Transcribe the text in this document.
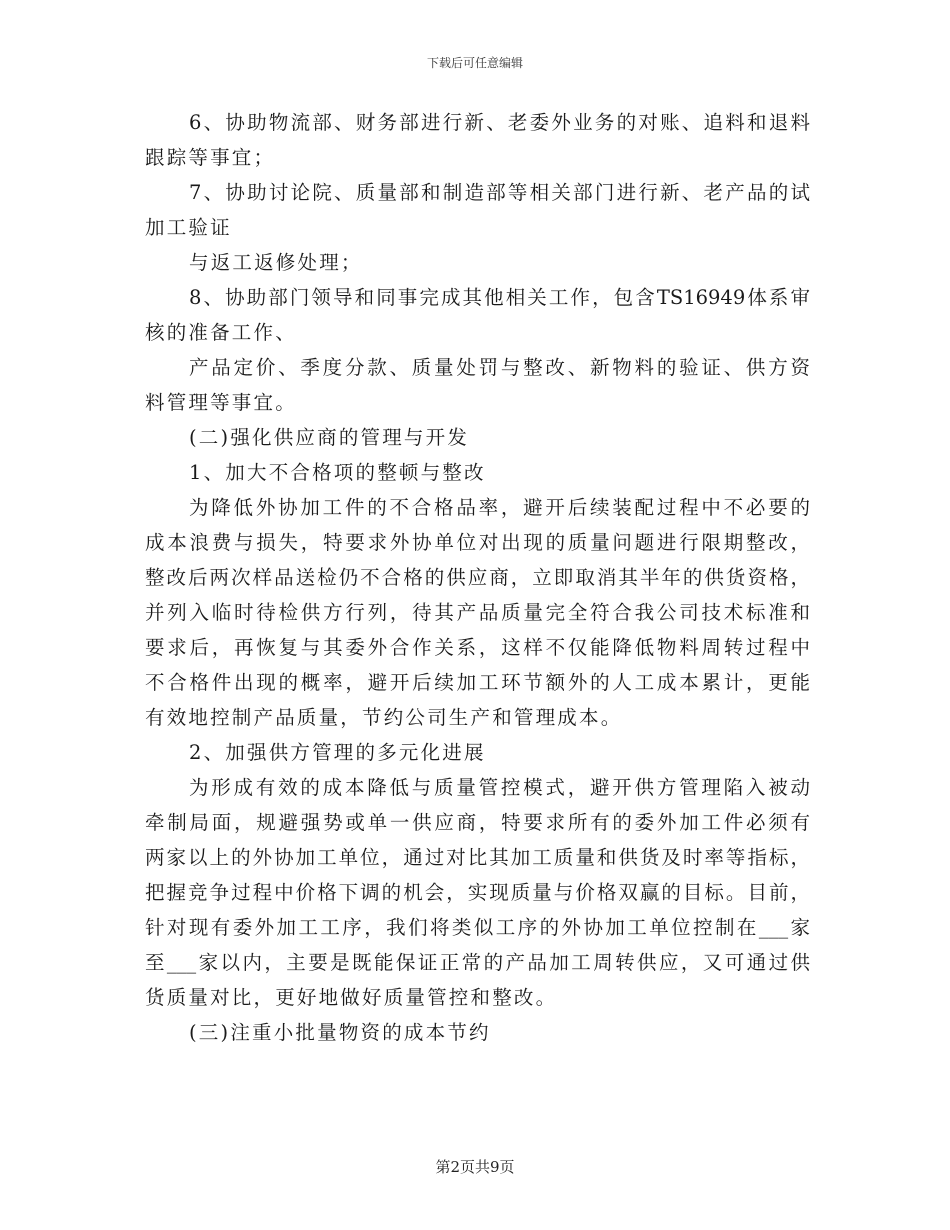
下载后可任意编辑
6、协助物流部、财务部进行新、老委外业务的对账、追料和退料
跟踪等事宜；
7、协助讨论院、质量部和制造部等相关部门进行新、老产品的试
加工验证
与返工返修处理；
8、协助部门领导和同事完成其他相关工作，包含TS16949体系审
核的准备工作、
产品定价、季度分款、质量处罚与整改、新物料的验证、供方资
料管理等事宜。
(二)强化供应商的管理与开发
1、加大不合格项的整顿与整改
为降低外协加工件的不合格品率，避开后续装配过程中不必要的
成本浪费与损失，特要求外协单位对出现的质量问题进行限期整改，
整改后两次样品送检仍不合格的供应商，立即取消其半年的供货资格，
并列入临时待检供方行列，待其产品质量完全符合我公司技术标准和
要求后，再恢复与其委外合作关系，这样不仅能降低物料周转过程中
不合格件出现的概率，避开后续加工环节额外的人工成本累计，更能
有效地控制产品质量，节约公司生产和管理成本。
2、加强供方管理的多元化进展
为形成有效的成本降低与质量管控模式，避开供方管理陷入被动
牵制局面，规避强势或单一供应商，特要求所有的委外加工件必须有
两家以上的外协加工单位，通过对比其加工质量和供货及时率等指标，
把握竞争过程中价格下调的机会，实现质量与价格双赢的目标。目前，
针对现有委外加工工序，我们将类似工序的外协加工单位控制在___家
至___家以内，主要是既能保证正常的产品加工周转供应，又可通过供
货质量对比，更好地做好质量管控和整改。
(三)注重小批量物资的成本节约
第2页共9页
